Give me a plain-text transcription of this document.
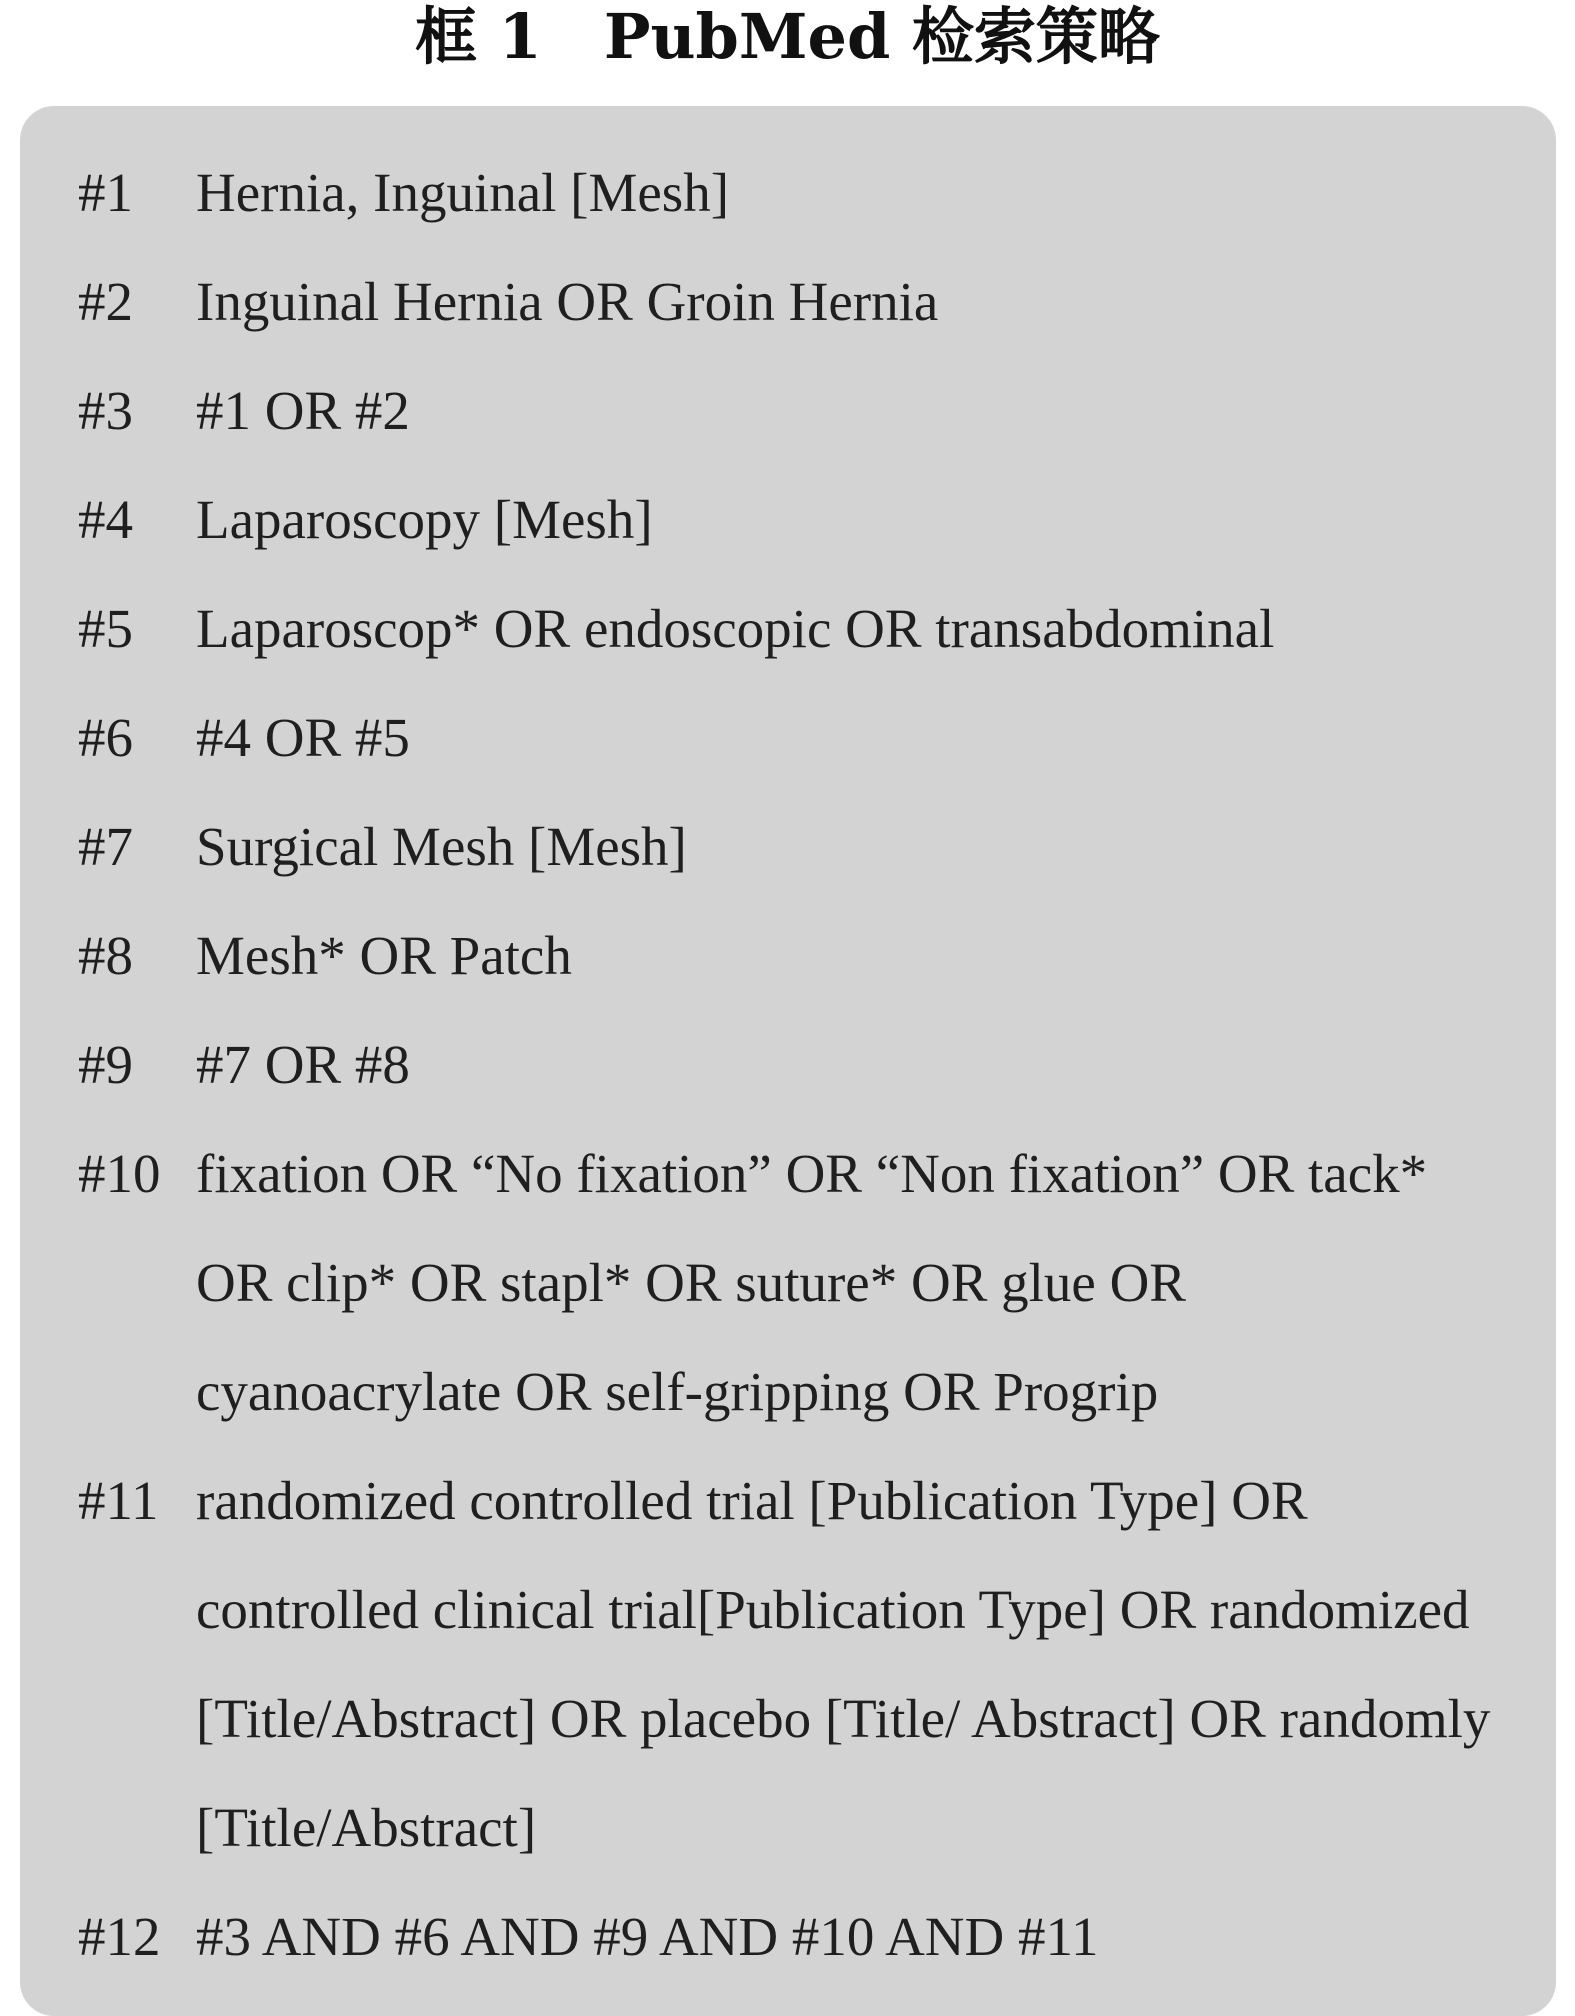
框 1　PubMed 检索策略
#1	Hernia, Inguinal [Mesh]
#2	Inguinal Hernia OR Groin Hernia
#3	#1 OR #2
#4	Laparoscopy [Mesh]
#5	Laparoscop* OR endoscopic OR transabdominal
#6	#4 OR #5
#7	Surgical Mesh [Mesh]
#8	Mesh* OR Patch
#9	#7 OR #8
#10 fixation OR “No fixation” OR “Non fixation” OR tack* OR clip* OR stapl* OR suture* OR glue OR cyanoacrylate OR self-gripping OR Progrip
#11 randomized controlled trial [Publication Type] OR controlled clinical trial[Publication Type] OR randomized [Title/Abstract] OR placebo [Title/ Abstract] OR randomly [Title/Abstract]
#12 #3 AND #6 AND #9 AND #10 AND #11
